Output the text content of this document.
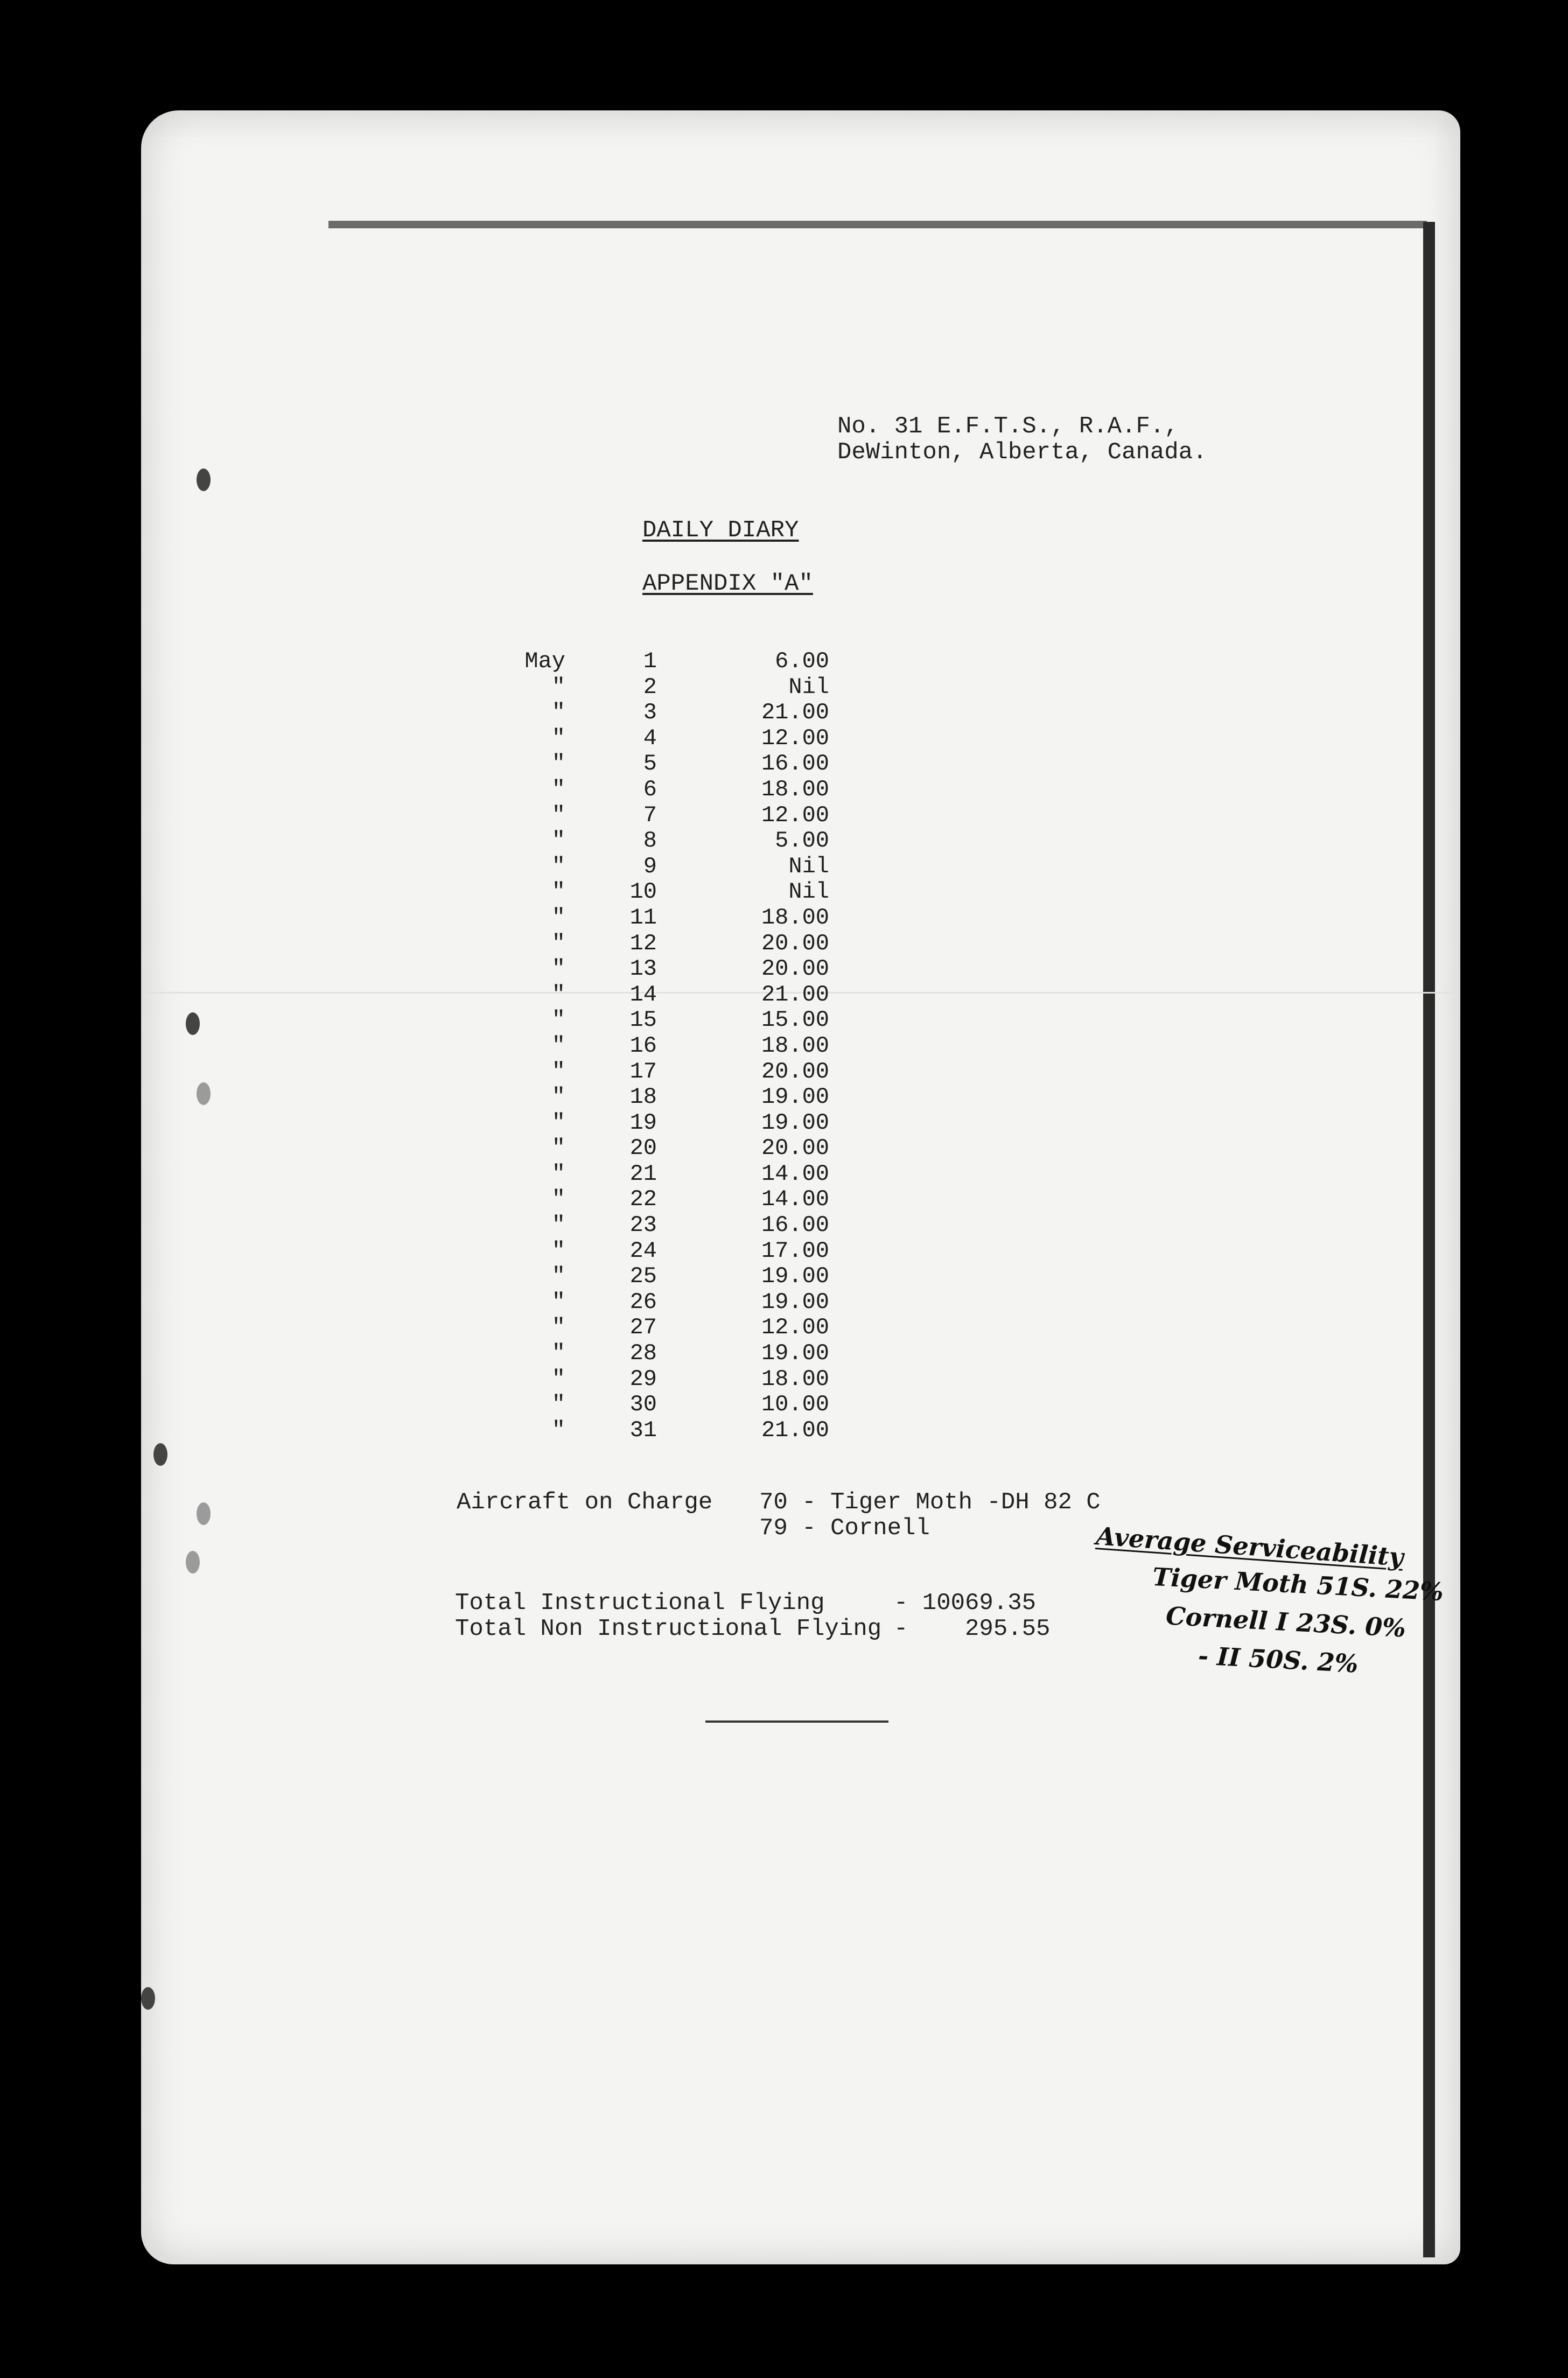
No. 31 E.F.T.S., R.A.F.,
DeWinton, Alberta, Canada.
DAILY DIARY
APPENDIX "A"
May	1	6.00
"	2	Nil
"	3	21.00
"	4	12.00
"	5	16.00
"	6	18.00
"	7	12.00
"	8	5.00
"	9	Nil
"	10	Nil
"	11	18.00
"	12	20.00
"	13	20.00
"	14	21.00
"	15	15.00
"	16	18.00
"	17	20.00
"	18	19.00
"	19	19.00
"	20	20.00
"	21	14.00
"	22	14.00
"	23	16.00
"	24	17.00
"	25	19.00
"	26	19.00
"	27	12.00
"	28	19.00
"	29	18.00
"	30	10.00
"	31	21.00
Aircraft on Charge 70 - Tiger Moth -DH 82 C
79 - Cornell
Total Instructional Flying	- 10069.35
Total Non Instructional Flying -    295.55
Average Serviceability
Tiger Moth 51S. 22%
Cornell I 23S. 0%
- II 50S. 2%
